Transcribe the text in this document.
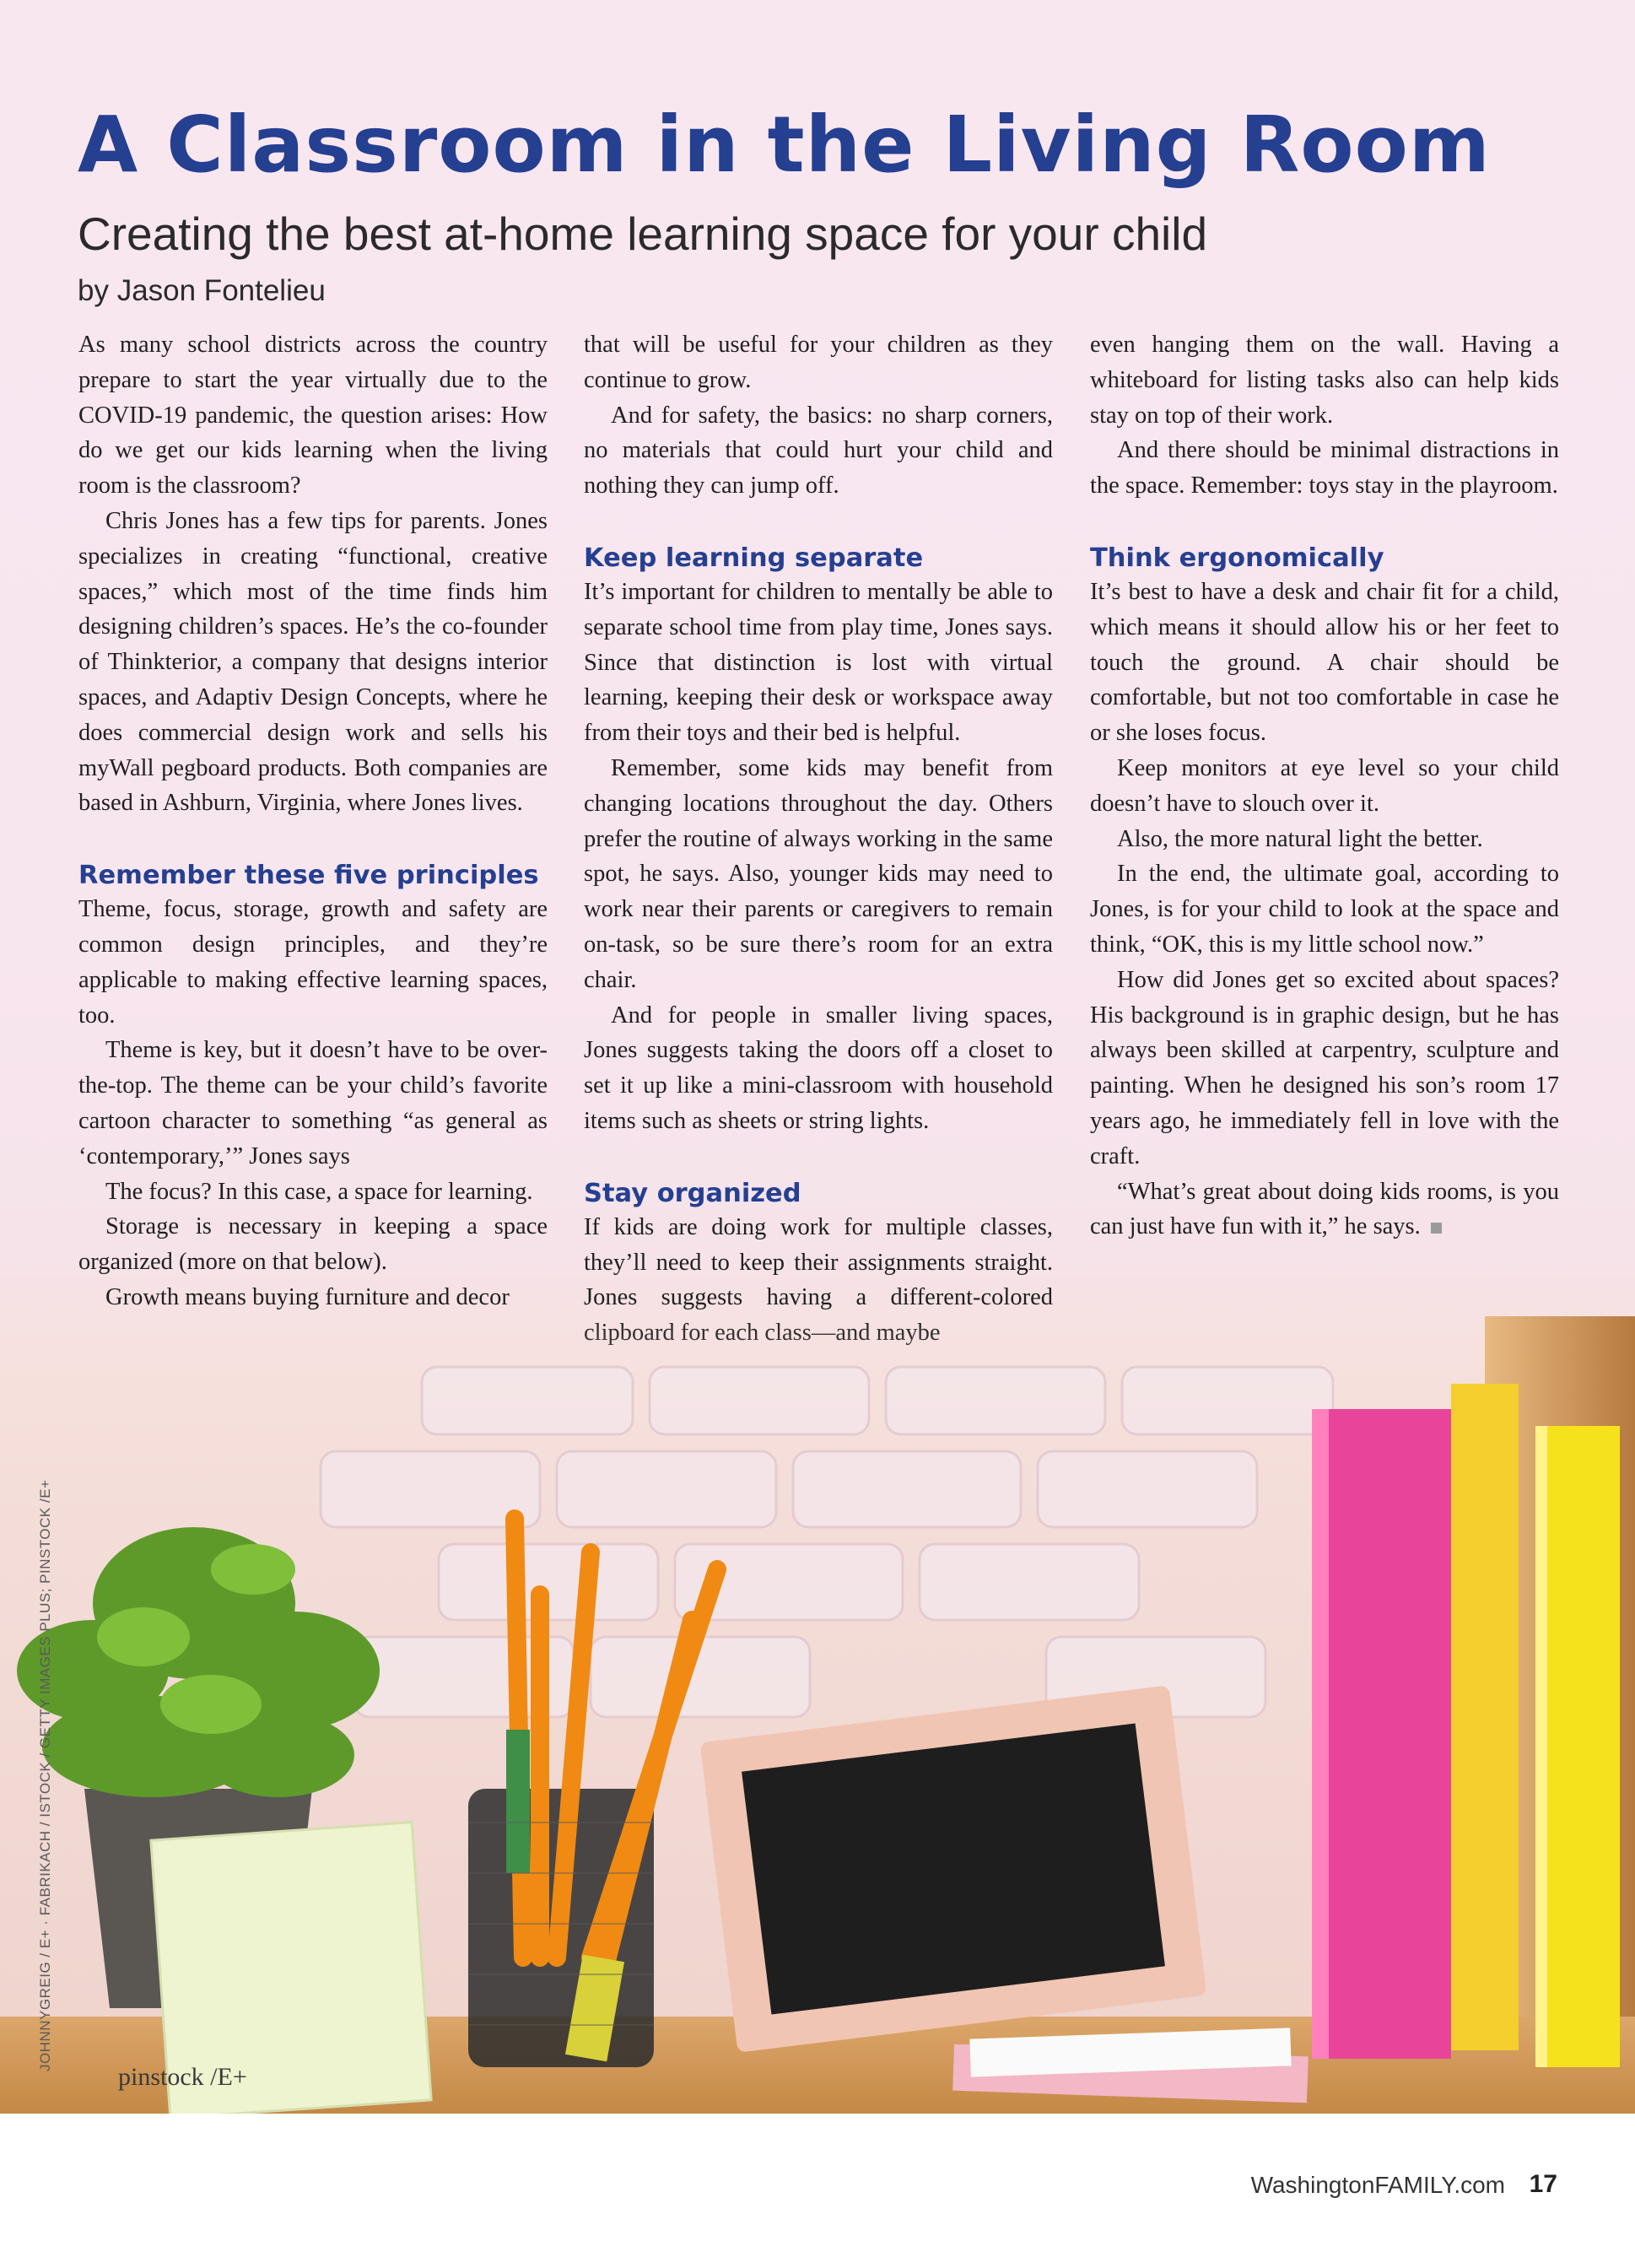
A Classroom in the Living Room
Creating the best at-home learning space for your child
by Jason Fontelieu

As many school districts across the country prepare to start the year virtually due to the COVID-19 pandemic, the question arises: How do we get our kids learning when the living room is the classroom?

Chris Jones has a few tips for parents. Jones specializes in creating “functional, creative spaces,” which most of the time finds him designing children’s spaces. He’s the co-founder of Thinkterior, a company that designs interior spaces, and Adaptiv Design Concepts, where he does commercial design work and sells his myWall pegboard products. Both companies are based in Ashburn, Virginia, where Jones lives.

Remember these five principles

Theme, focus, storage, growth and safety are common design principles, and they’re applicable to making effective learning spaces, too.

Theme is key, but it doesn’t have to be over-the-top. The theme can be your child’s favorite cartoon character to something “as general as ‘contemporary,’” Jones says

The focus? In this case, a space for learning.

Storage is necessary in keeping a space organized (more on that below).

Growth means buying furniture and decor

that will be useful for your children as they continue to grow.

And for safety, the basics: no sharp corners, no materials that could hurt your child and nothing they can jump off.

Keep learning separate

It’s important for children to mentally be able to separate school time from play time, Jones says. Since that distinction is lost with virtual learning, keeping their desk or workspace away from their toys and their bed is helpful.

Remember, some kids may benefit from changing locations throughout the day. Others prefer the routine of always working in the same spot, he says. Also, younger kids may need to work near their parents or caregivers to remain on-task, so be sure there’s room for an extra chair.

And for people in smaller living spaces, Jones suggests taking the doors off a closet to set it up like a mini-classroom with household items such as sheets or string lights.

Stay organized

If kids are doing work for multiple classes, they’ll need to keep their assignments straight. Jones suggests having a different-colored

even hanging them on the wall. Having a whiteboard for listing tasks also can help kids stay on top of their work.

And there should be minimal distractions in the space. Remember: toys stay in the playroom.

Think ergonomically

It’s best to have a desk and chair fit for a child, which means it should allow his or her feet to touch the ground. A chair should be comfortable, but not too comfortable in case he or she loses focus.

Keep monitors at eye level so your child doesn’t have to slouch over it.

Also, the more natural light the better.

In the end, the ultimate goal, according to Jones, is for your child to look at the space and think, “OK, this is my little school now.”

How did Jones get so excited about spaces? His background is in graphic design, but he has always been skilled at carpentry, sculpture and painting. When he designed his son’s room 17 years ago, he immediately fell in love with the craft.

“What’s great about doing kids rooms, is you can just have fun with it,” he says.

JOHNNYGREIG / E+ · FABRIKACH / ISTOCK / GETTY IMAGES PLUS; PINSTOCK /E+
pinstock /E+
WashingtonFAMILY.com 17
